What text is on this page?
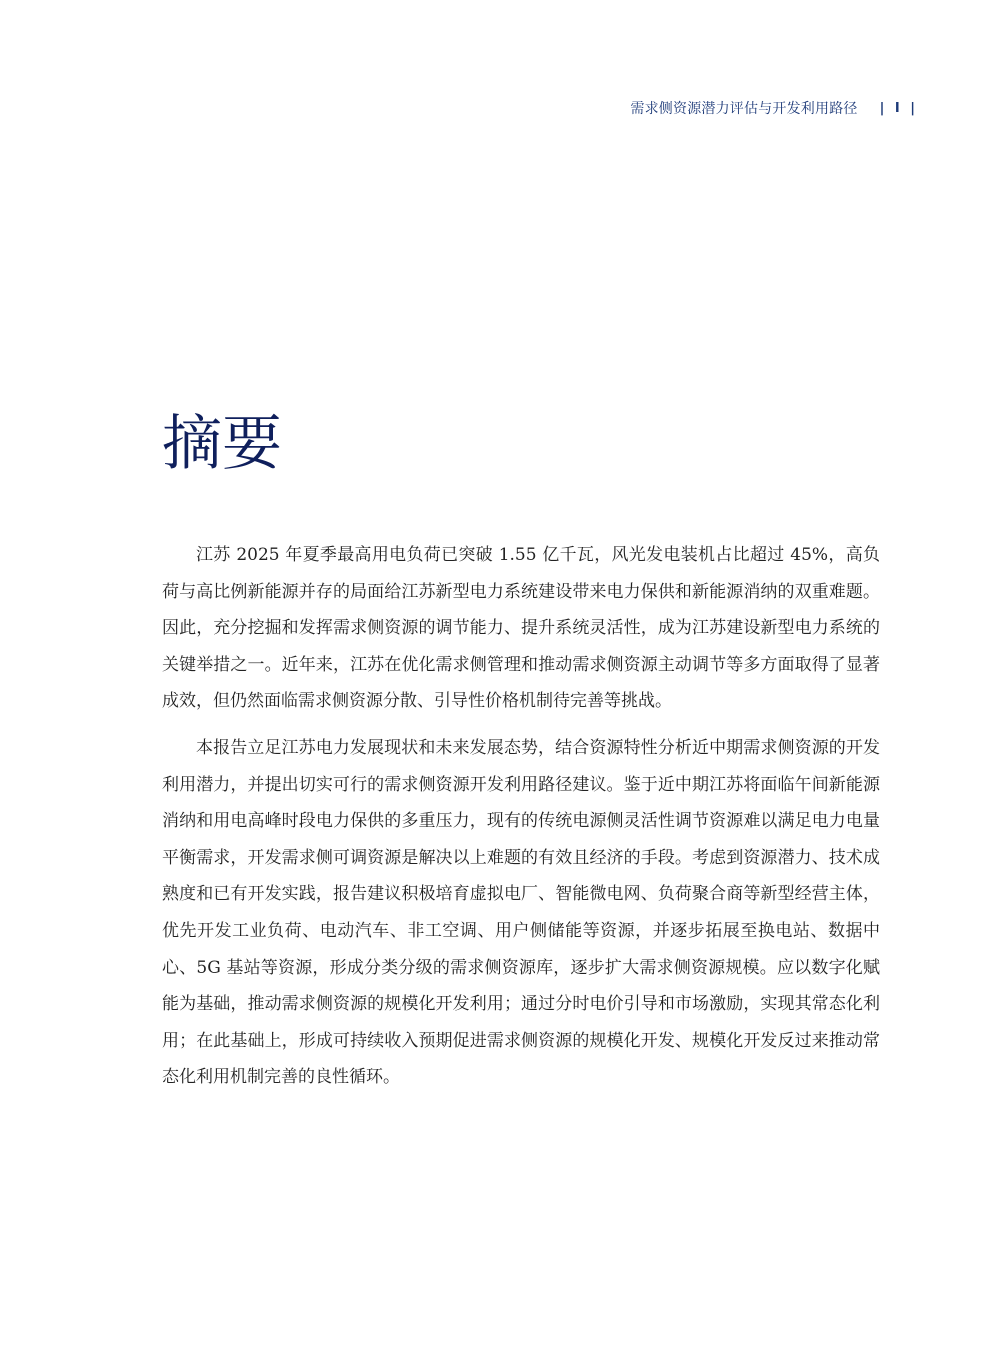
需求侧资源潜力评估与开发利用路径 | I |
摘要

江苏 2025 年夏季最高用电负荷已突破 1.55 亿千瓦，风光发电装机占比超过 45%，高负荷与高比例新能源并存的局面给江苏新型电力系统建设带来电力保供和新能源消纳的双重难题。因此，充分挖掘和发挥需求侧资源的调节能力、提升系统灵活性，成为江苏建设新型电力系统的关键举措之一。近年来，江苏在优化需求侧管理和推动需求侧资源主动调节等多方面取得了显著成效，但仍然面临需求侧资源分散、引导性价格机制待完善等挑战。

本报告立足江苏电力发展现状和未来发展态势，结合资源特性分析近中期需求侧资源的开发利用潜力，并提出切实可行的需求侧资源开发利用路径建议。鉴于近中期江苏将面临午间新能源消纳和用电高峰时段电力保供的多重压力，现有的传统电源侧灵活性调节资源难以满足电力电量平衡需求，开发需求侧可调资源是解决以上难题的有效且经济的手段。考虑到资源潜力、技术成熟度和已有开发实践，报告建议积极培育虚拟电厂、智能微电网、负荷聚合商等新型经营主体，优先开发工业负荷、电动汽车、非工空调、用户侧储能等资源，并逐步拓展至换电站、数据中心、5G 基站等资源，形成分类分级的需求侧资源库，逐步扩大需求侧资源规模。应以数字化赋能为基础，推动需求侧资源的规模化开发利用；通过分时电价引导和市场激励，实现其常态化利用；在此基础上，形成可持续收入预期促进需求侧资源的规模化开发、规模化开发反过来推动常态化利用机制完善的良性循环。
